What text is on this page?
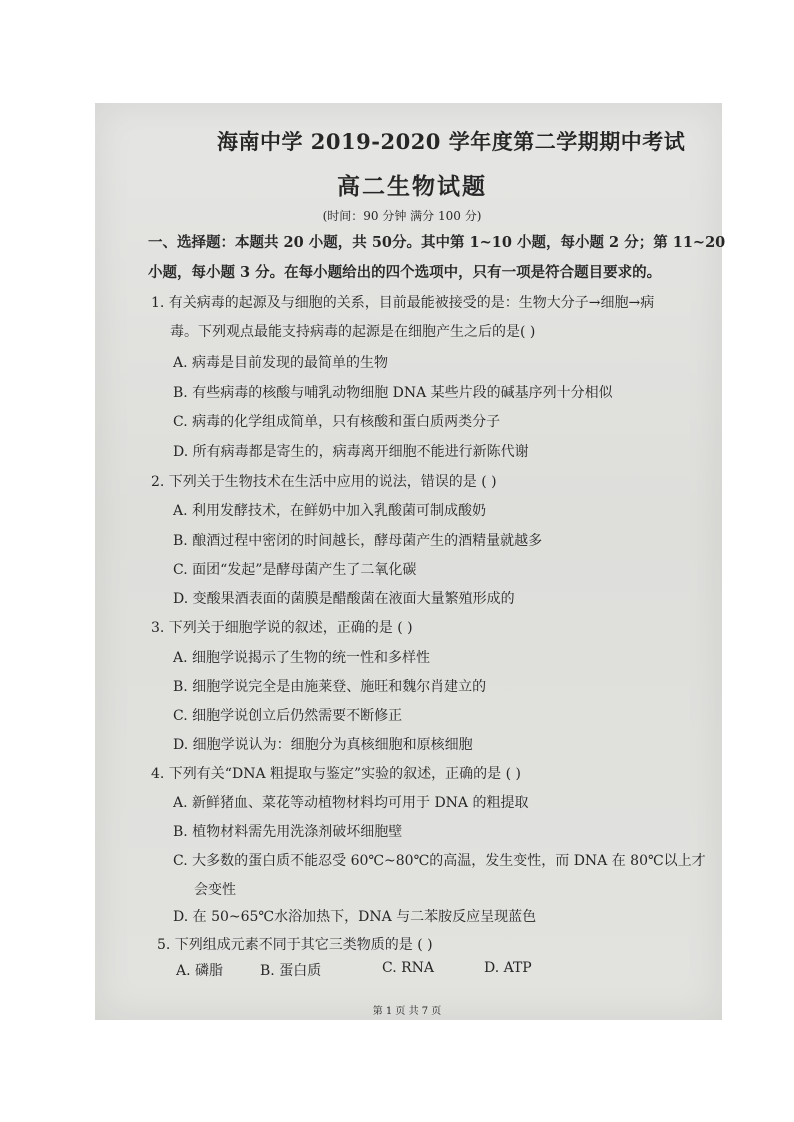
海南中学 2019-2020 学年度第二学期期中考试
高二生物试题
(时间：90 分钟 满分 100 分)
一、选择题：本题共 20 小题，共 50分。其中第 1~10 小题，每小题 2 分；第 11~20
小题，每小题 3 分。在每小题给出的四个选项中，只有一项是符合题目要求的。
1. 有关病毒的起源及与细胞的关系，目前最能被接受的是：生物大分子→细胞→病
毒。下列观点最能支持病毒的起源是在细胞产生之后的是( )
A. 病毒是目前发现的最简单的生物
B. 有些病毒的核酸与哺乳动物细胞 DNA 某些片段的碱基序列十分相似
C. 病毒的化学组成简单，只有核酸和蛋白质两类分子
D. 所有病毒都是寄生的，病毒离开细胞不能进行新陈代谢
2. 下列关于生物技术在生活中应用的说法，错误的是 ( )
A. 利用发酵技术，在鲜奶中加入乳酸菌可制成酸奶
B. 酿酒过程中密闭的时间越长，酵母菌产生的酒精量就越多
C. 面团“发起”是酵母菌产生了二氧化碳
D. 变酸果酒表面的菌膜是醋酸菌在液面大量繁殖形成的
3. 下列关于细胞学说的叙述，正确的是 ( )
A. 细胞学说揭示了生物的统一性和多样性
B. 细胞学说完全是由施莱登、施旺和魏尔肖建立的
C. 细胞学说创立后仍然需要不断修正
D. 细胞学说认为：细胞分为真核细胞和原核细胞
4. 下列有关“DNA 粗提取与鉴定”实验的叙述，正确的是 ( )
A. 新鲜猪血、菜花等动植物材料均可用于 DNA 的粗提取
B. 植物材料需先用洗涤剂破坏细胞壁
C. 大多数的蛋白质不能忍受 60℃~80℃的高温，发生变性，而 DNA 在 80℃以上才
会变性
D. 在 50~65℃水浴加热下，DNA 与二苯胺反应呈现蓝色
5. 下列组成元素不同于其它三类物质的是 ( )
A. 磷脂	B. 蛋白质	C. RNA	D. ATP
第 1 页 共 7 页
